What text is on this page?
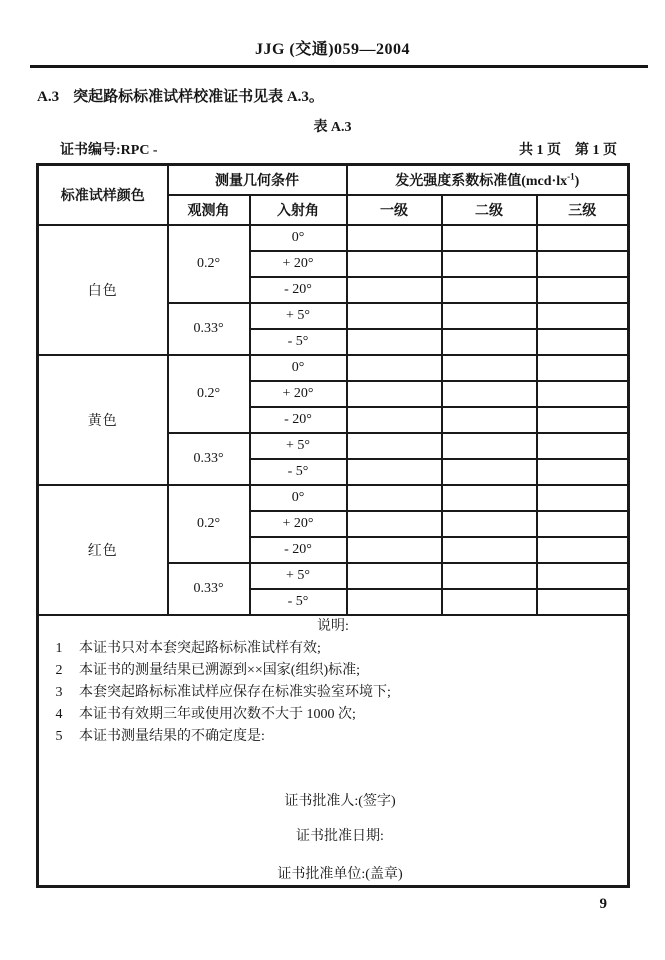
JJG (交通)059—2004
A.3 突起路标标准试样校准证书见表 A.3。
表 A.3
证书编号:RPC -	共 1 页　第 1 页
标准试样颜色	测量几何条件		发光强度系数标准值$(mcd\cdot lx^{-1})$		
	观测角	入射角	一级	二级	三级
白色	0.2°	0°			
		+ 20°			
		- 20°			
	0.33°	+ 5°			
		- 5°			
黄色	0.2°	0°			
		+ 20°			
		- 20°			
	0.33°	+ 5°			
		- 5°			
红色	0.2°	0°			
		+ 20°			
		- 20°			
	0.33°	+ 5°			
		- 5°			

说明:
1 本证书只对本套突起路标标准试样有效;
2 本证书的测量结果已溯源到××国家(组织)标准;
3 本套突起路标标准试样应保存在标准实验室环境下;
4 本证书有效期三年或使用次数不大于 1000 次;
5 本证书测量结果的不确定度是:
证书批准人:(签字)
证书批准日期:
证书批准单位:(盖章)
9
